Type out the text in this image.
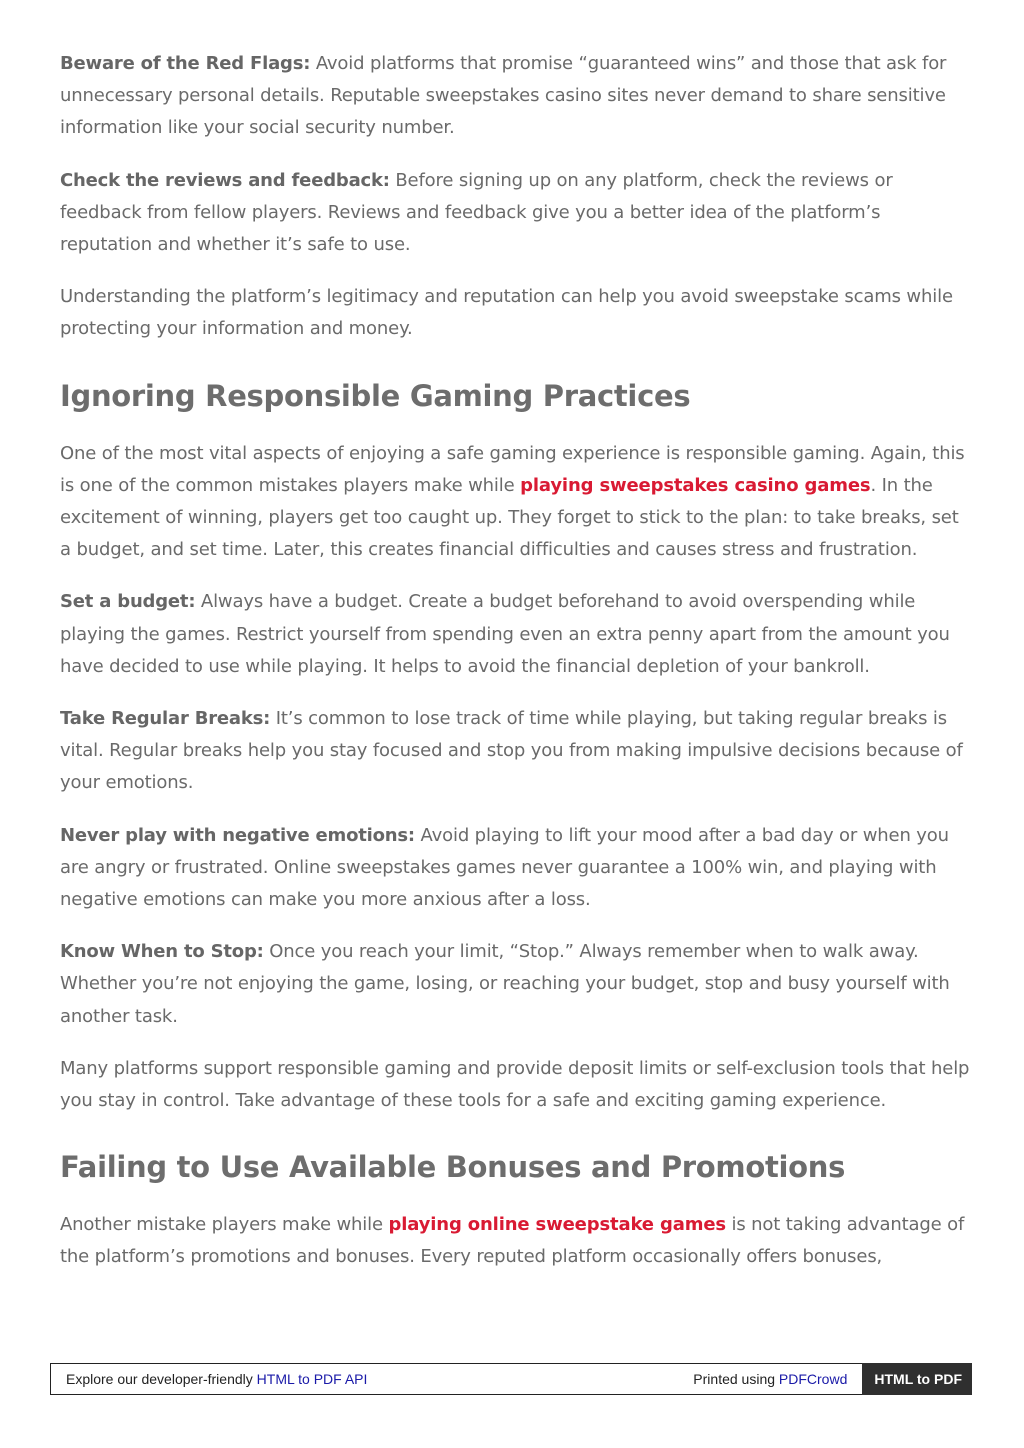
Beware of the Red Flags: Avoid platforms that promise “guaranteed wins” and those that ask for unnecessary personal details. Reputable sweepstakes casino sites never demand to share sensitive information like your social security number.

Check the reviews and feedback: Before signing up on any platform, check the reviews or feedback from fellow players. Reviews and feedback give you a better idea of the platform’s reputation and whether it’s safe to use.

Understanding the platform’s legitimacy and reputation can help you avoid sweepstake scams while protecting your information and money.

Ignoring Responsible Gaming Practices

One of the most vital aspects of enjoying a safe gaming experience is responsible gaming. Again, this is one of the common mistakes players make while playing sweepstakes casino games. In the excitement of winning, players get too caught up. They forget to stick to the plan: to take breaks, set a budget, and set time. Later, this creates financial difficulties and causes stress and frustration.

Set a budget: Always have a budget. Create a budget beforehand to avoid overspending while playing the games. Restrict yourself from spending even an extra penny apart from the amount you have decided to use while playing. It helps to avoid the financial depletion of your bankroll.

Take Regular Breaks: It’s common to lose track of time while playing, but taking regular breaks is vital. Regular breaks help you stay focused and stop you from making impulsive decisions because of your emotions.

Never play with negative emotions: Avoid playing to lift your mood after a bad day or when you are angry or frustrated. Online sweepstakes games never guarantee a 100% win, and playing with negative emotions can make you more anxious after a loss.

Know When to Stop: Once you reach your limit, “Stop.” Always remember when to walk away. Whether you’re not enjoying the game, losing, or reaching your budget, stop and busy yourself with another task.

Many platforms support responsible gaming and provide deposit limits or self-exclusion tools that help you stay in control. Take advantage of these tools for a safe and exciting gaming experience.

Failing to Use Available Bonuses and Promotions

Another mistake players make while playing online sweepstake games is not taking advantage of the platform’s promotions and bonuses. Every reputed platform occasionally offers bonuses,

Explore our developer-friendly HTML to PDF API	Printed using PDFCrowd	HTML to PDF
